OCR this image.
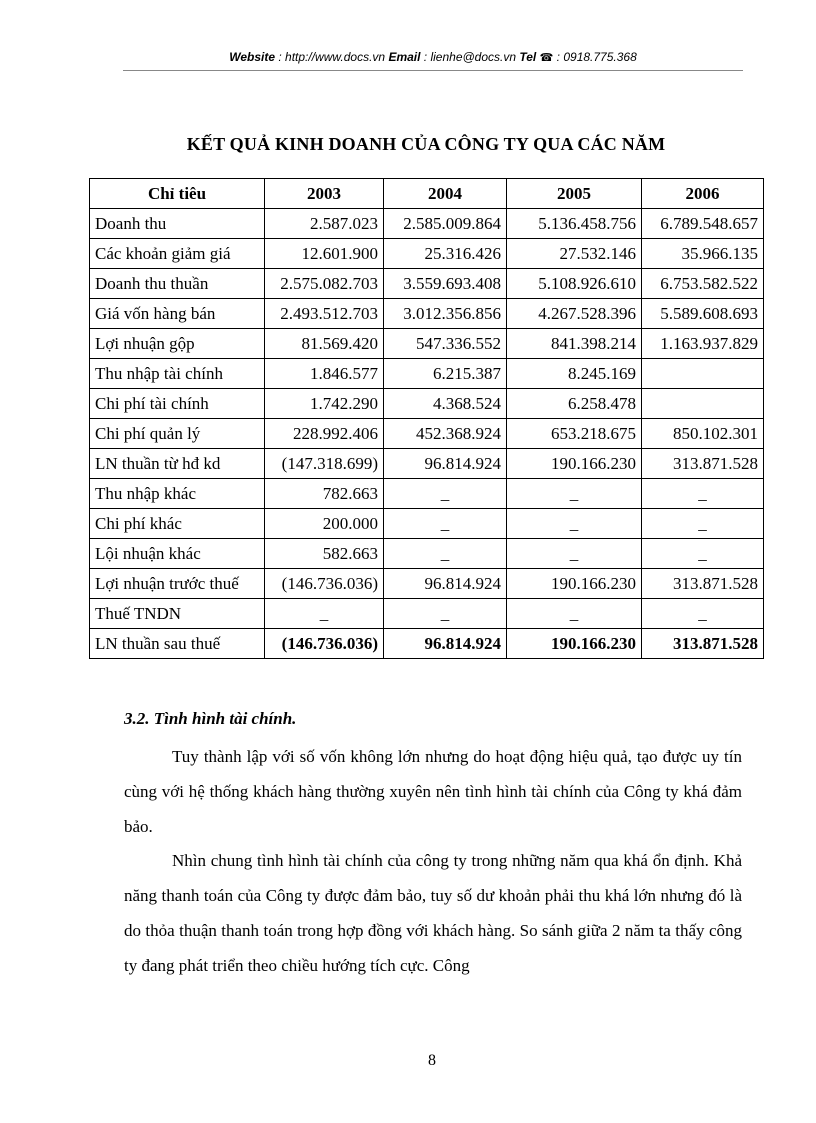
Website : http://www.docs.vn Email : lienhe@docs.vn Tel ☎ : 0918.775.368
KẾT QUẢ KINH DOANH CỦA CÔNG TY QUA CÁC NĂM
Chỉ tiêu	2003	2004	2005	2006
Doanh thu	2.587.023	2.585.009.864	5.136.458.756	6.789.548.657
Các khoản giảm giá	12.601.900	25.316.426	27.532.146	35.966.135
Doanh thu thuần	2.575.082.703	3.559.693.408	5.108.926.610	6.753.582.522
Giá vốn hàng bán	2.493.512.703	3.012.356.856	4.267.528.396	5.589.608.693
Lợi nhuận gộp	81.569.420	547.336.552	841.398.214	1.163.937.829
Thu nhập tài chính	1.846.577	6.215.387	8.245.169	
Chi phí tài chính	1.742.290	4.368.524	6.258.478	
Chi phí quản lý	228.992.406	452.368.924	653.218.675	850.102.301
LN thuần từ hđ kd	(147.318.699)	96.814.924	190.166.230	313.871.528
Thu nhập khác	782.663	_	_	_
Chi phí khác	200.000	_	_	_
Lội nhuận khác	582.663	_	_	_
Lợi nhuận trước thuế	(146.736.036)	96.814.924	190.166.230	313.871.528
Thuế TNDN	_	_	_	_
LN thuần sau thuế	(146.736.036)	96.814.924	190.166.230	313.871.528
3.2. Tình hình tài chính.
Tuy thành lập với số vốn không lớn nhưng do hoạt động hiệu quả, tạo được uy tín cùng với hệ thống khách hàng thường xuyên nên tình hình tài chính của Công ty khá đảm bảo.
Nhìn chung tình hình tài chính của công ty trong những năm qua khá ổn định. Khả năng thanh toán của Công ty được đảm bảo, tuy số dư khoản phải thu khá lớn nhưng đó là do thỏa thuận thanh toán trong hợp đồng với khách hàng. So sánh giữa 2 năm ta thấy công ty đang phát triển theo chiều hướng tích cực. Công
8
